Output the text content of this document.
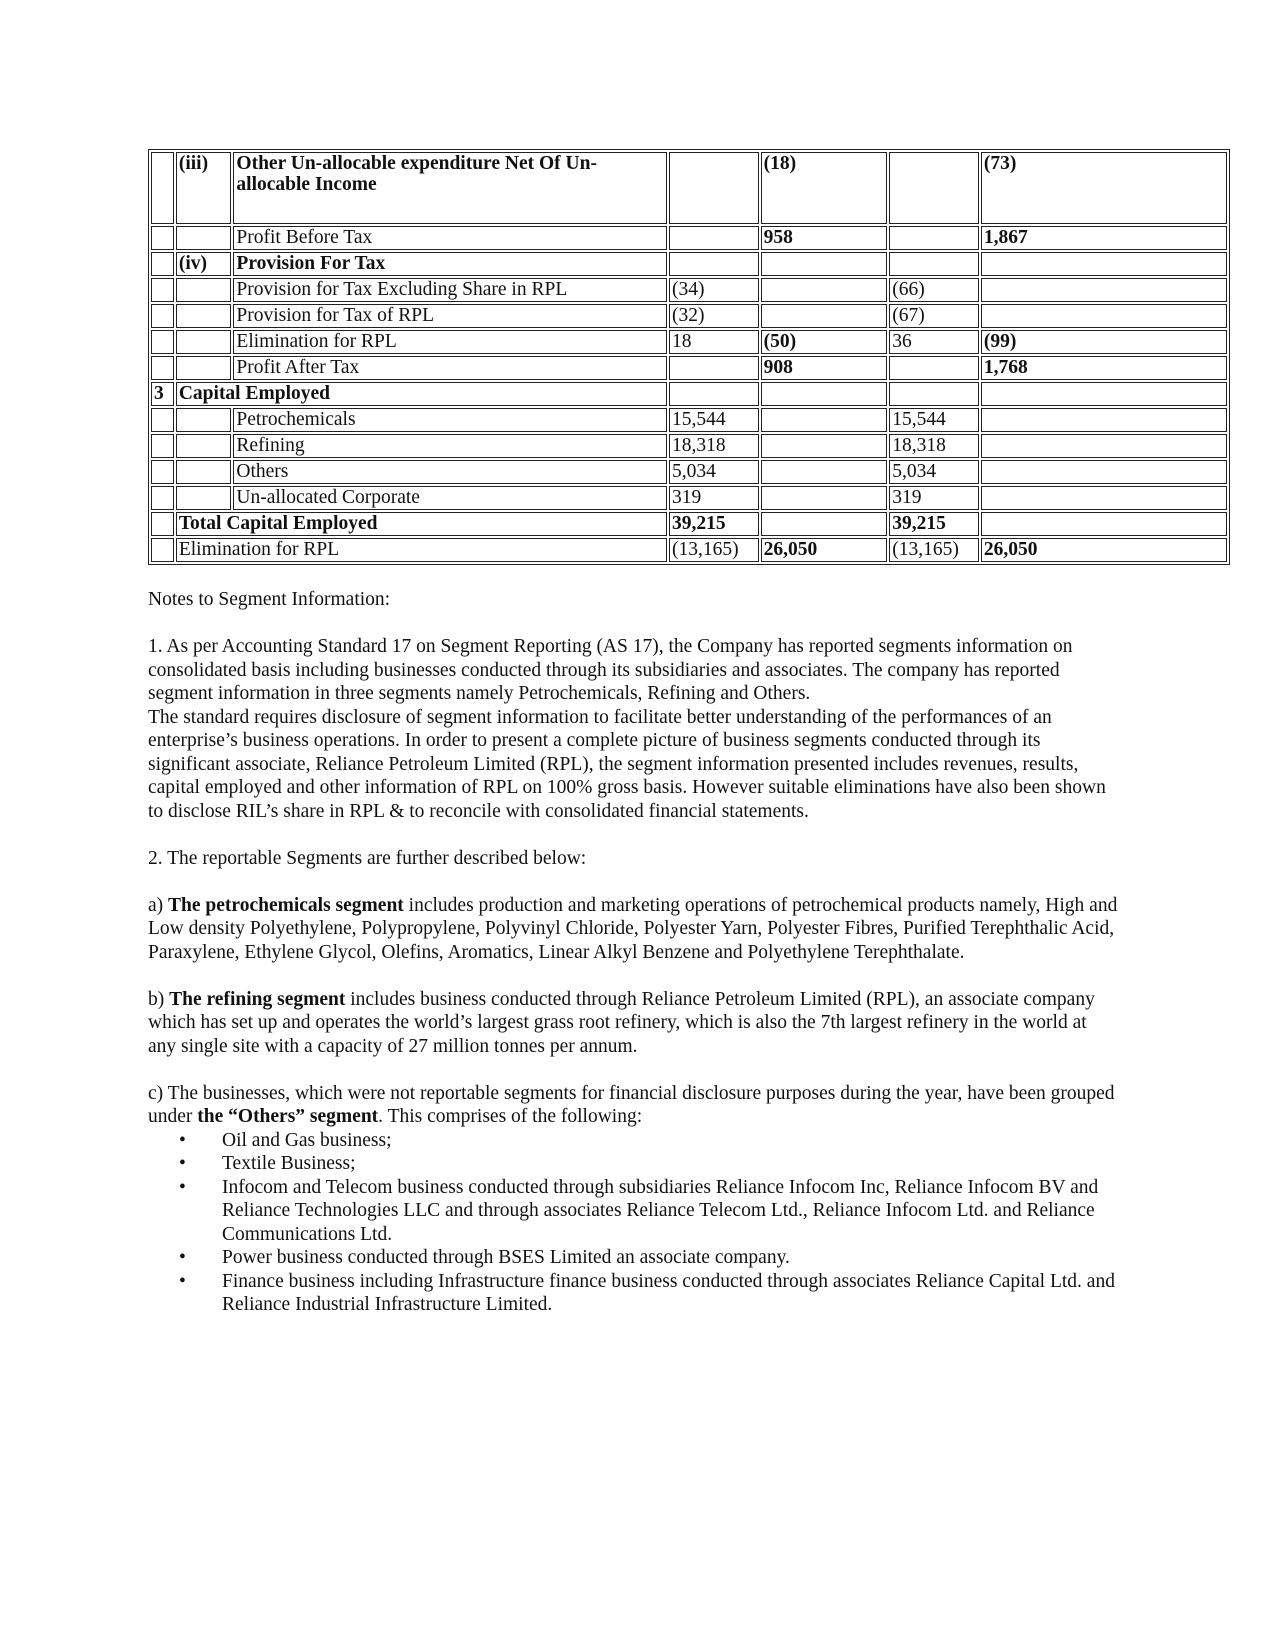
	(iii)	Other Un-allocable expenditure Net Of Un-allocable Income		(18)		(73)
		Profit Before Tax		958		1,867
	(iv)	Provision For Tax				
		Provision for Tax Excluding Share in RPL	(34)		(66)	
		Provision for Tax of RPL	(32)		(67)	
		Elimination for RPL	18	(50)	36	(99)
		Profit After Tax		908		1,768
3	Capital Employed					
		Petrochemicals	15,544		15,544	
		Refining	18,318		18,318	
		Others	5,034		5,034	
		Un-allocated Corporate	319		319	
	Total Capital Employed		39,215		39,215	
	Elimination for RPL		(13,165)	26,050	(13,165)	26,050

Notes to Segment Information:

1. As per Accounting Standard 17 on Segment Reporting (AS 17), the Company has reported segments information on consolidated basis including businesses conducted through its subsidiaries and associates. The company has reported segment information in three segments namely Petrochemicals, Refining and Others.

The standard requires disclosure of segment information to facilitate better understanding of the performances of an enterprise’s business operations. In order to present a complete picture of business segments conducted through its significant associate, Reliance Petroleum Limited (RPL), the segment information presented includes revenues, results, capital employed and other information of RPL on 100% gross basis. However suitable eliminations have also been shown to disclose RIL’s share in RPL & to reconcile with consolidated financial statements.

2. The reportable Segments are further described below:

a) The petrochemicals segment includes production and marketing operations of petrochemical products namely, High and Low density Polyethylene, Polypropylene, Polyvinyl Chloride, Polyester Yarn, Polyester Fibres, Purified Terephthalic Acid, Paraxylene, Ethylene Glycol, Olefins, Aromatics, Linear Alkyl Benzene and Polyethylene Terephthalate.

b) The refining segment includes business conducted through Reliance Petroleum Limited (RPL), an associate company which has set up and operates the world’s largest grass root refinery, which is also the 7th largest refinery in the world at any single site with a capacity of 27 million tonnes per annum.

c) The businesses, which were not reportable segments for financial disclosure purposes during the year, have been grouped under the “Others” segment. This comprises of the following:

• Oil and Gas business;
• Textile Business;
• Infocom and Telecom business conducted through subsidiaries Reliance Infocom Inc, Reliance Infocom BV and Reliance Technologies LLC and through associates Reliance Telecom Ltd., Reliance Infocom Ltd. and Reliance Communications Ltd.
• Power business conducted through BSES Limited an associate company.
• Finance business including Infrastructure finance business conducted through associates Reliance Capital Ltd. and Reliance Industrial Infrastructure Limited.
